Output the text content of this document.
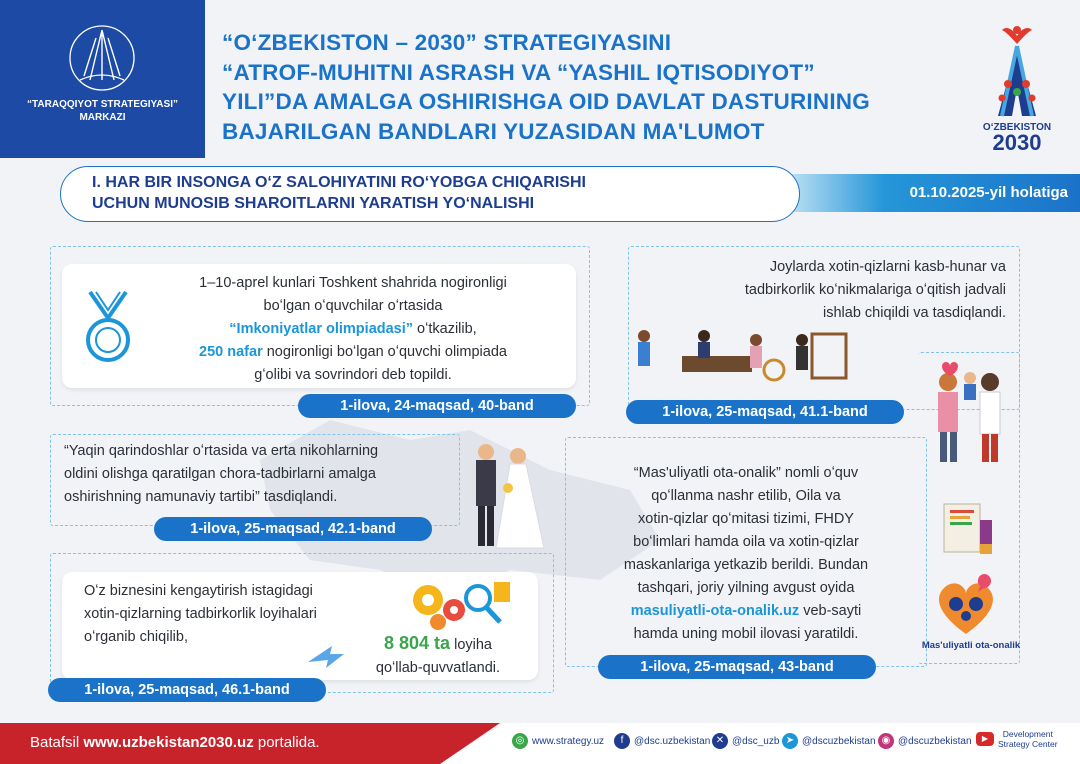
“TARAQQIYOT STRATEGIYASI”
MARKAZI
“OʻZBEKISTON – 2030” STRATEGIYASINI
“ATROF-MUHITNI ASRASH VA “YASHIL IQTISODIYOT”
YILI”DA AMALGA OSHIRISHGA OID DAVLAT DASTURINING
BAJARILGAN BANDLARI YUZASIDAN MA'LUMOT	OʻZBEKISTON
2030
I. HAR BIR INSONGA OʻZ SALOHIYATINI ROʻYOBGA CHIQARISHI
UCHUN MUNOSIB SHAROITLARNI YARATISH YOʻNALISHI
01.10.2025-yil holatiga
1–10-aprel kunlari Toshkent shahrida nogironligi
boʻlgan oʻquvchilar oʻrtasida
“Imkoniyatlar olimpiadasi” oʻtkazilib,
250 nafar nogironligi boʻlgan oʻquvchi olimpiada
gʻolibi va sovrindori deb topildi.
1-ilova, 24-maqsad, 40-band
Joylarda xotin-qizlarni kasb-hunar va
tadbirkorlik koʻnikmalariga oʻqitish jadvali
ishlab chiqildi va tasdiqlandi.
1-ilova, 25-maqsad, 41.1-band
“Yaqin qarindoshlar oʻrtasida va erta nikohlarning
oldini olishga qaratilgan chora-tadbirlarni amalga
oshirishning namunaviy tartibi” tasdiqlandi.
1-ilova, 25-maqsad, 42.1-band
“Mas'uliyatli ota-onalik” nomli oʻquv
qoʻllanma nashr etilib, Oila va
xotin-qizlar qoʻmitasi tizimi, FHDY
boʻlimlari hamda oila va xotin-qizlar
maskanlariga yetkazib berildi. Bundan
tashqari, joriy yilning avgust oyida
masuliyatli-ota-onalik.uz veb-sayti
hamda uning mobil ilovasi yaratildi.
1-ilova, 25-maqsad, 43-band
Mas'uliyatli ota-onalik
Oʻz biznesini kengaytirish istagidagi
xotin-qizlarning tadbirkorlik loyihalari
oʻrganib chiqilib,	8 804 ta loyiha
qoʻllab-quvvatlandi.
1-ilova, 25-maqsad, 46.1-band
Batafsil www.uzbekistan2030.uz portalida.	◎ www.strategy.uz	f	@dsc.uzbekistan ✕ @dsc_uzb ➤ @dscuzbekistan ◉ @dscuzbekistan	▶	Development
Strategy Center
